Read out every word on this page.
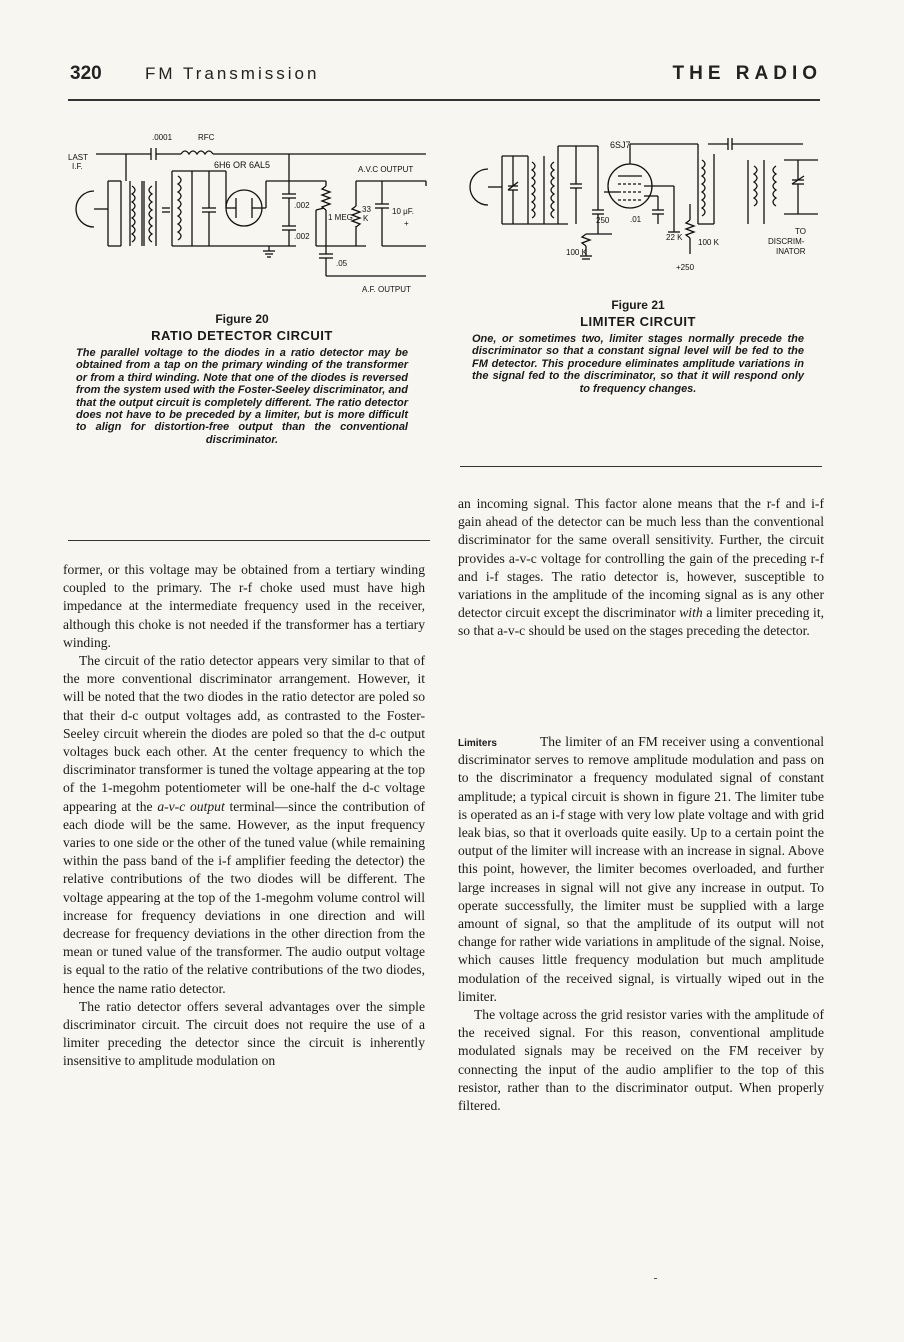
320	FM Transmission	THE RADIO
.0001	RFC
LAST
I.F.	6H6 OR 6AL5	A.V.C OUTPUT
.002
.002
1 MEG.
33
K
10 μF.
+
.05
A.F. OUTPUT
Figure 20
RATIO DETECTOR CIRCUIT
The parallel voltage to the diodes in a ratio detector may be obtained from a tap on the primary winding of the transformer or from a third winding. Note that one of the diodes is reversed from the system used with the Foster-Seeley discriminator, and that the output circuit is completely different. The ratio detector does not have to be preceded by a limiter, but is more difficult to align for distortion-free output than the conventional discriminator.
6SJ7
250	.01
22 K
100 K
100 K
+250
TO
DISCRIM-
INATOR
Figure 21
LIMITER CIRCUIT
One, or sometimes two, limiter stages normally precede the discriminator so that a constant signal level will be fed to the FM detector. This procedure eliminates amplitude variations in the signal fed to the discriminator, so that it will respond only to frequency changes.

former, or this voltage may be obtained from a tertiary winding coupled to the primary. The r-f choke used must have high impedance at the intermediate frequency used in the receiver, although this choke is not needed if the transformer has a tertiary winding.

The circuit of the ratio detector appears very similar to that of the more conventional discriminator arrangement. However, it will be noted that the two diodes in the ratio detector are poled so that their d-c output voltages add, as contrasted to the Foster-Seeley circuit wherein the diodes are poled so that the d-c output voltages buck each other. At the center frequency to which the discriminator transformer is tuned the voltage appearing at the top of the 1-megohm potentiometer will be one-half the d-c voltage appearing at the a-v-c output terminal—since the contribution of each diode will be the same. However, as the input frequency varies to one side or the other of the tuned value (while remaining within the pass band of the i-f amplifier feeding the detector) the relative contributions of the two diodes will be different. The voltage appearing at the top of the 1-megohm volume control will increase for frequency deviations in one direction and will decrease for frequency deviations in the other direction from the mean or tuned value of the transformer. The audio output voltage is equal to the ratio of the relative contributions of the two diodes, hence the name ratio detector.

The ratio detector offers several advantages over the simple discriminator circuit. The circuit does not require the use of a limiter preceding the detector since the circuit is inherently insensitive to amplitude modulation on

an incoming signal. This factor alone means that the r-f and i-f gain ahead of the detector can be much less than the conventional discriminator for the same overall sensitivity. Further, the circuit provides a-v-c voltage for controlling the gain of the preceding r-f and i-f stages. The ratio detector is, however, susceptible to variations in the amplitude of the incoming signal as is any other detector circuit except the discriminator with a limiter preceding it, so that a-v-c should be used on the stages preceding the detector.

Limiters	The limiter of an FM receiver using a conventional discriminator serves to remove amplitude modulation and pass on to the discriminator a frequency modulated signal of constant amplitude; a typical circuit is shown in figure 21. The limiter tube is operated as an i-f stage with very low plate voltage and with grid leak bias, so that it overloads quite easily. Up to a certain point the output of the limiter will increase with an increase in signal. Above this point, however, the limiter becomes overloaded, and further large increases in signal will not give any increase in output. To operate successfully, the limiter must be supplied with a large amount of signal, so that the amplitude of its output will not change for rather wide variations in amplitude of the signal. Noise, which causes little frequency modulation but much amplitude modulation of the received signal, is virtually wiped out in the limiter.

The voltage across the grid resistor varies with the amplitude of the received signal. For this reason, conventional amplitude modulated signals may be received on the FM receiver by connecting the input of the audio amplifier to the top of this resistor, rather than to the discriminator output. When properly filtered.
